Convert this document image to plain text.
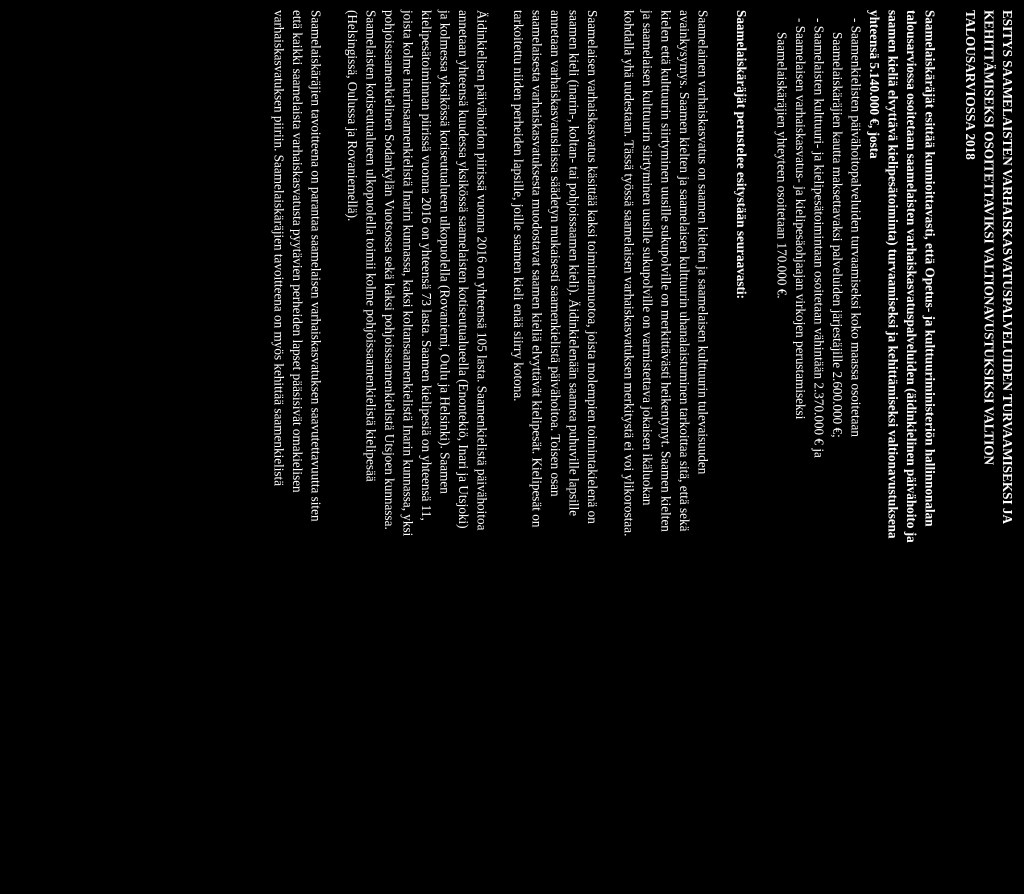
ESITYS SAAMELAISTEN VARHAISKASVATUSPALVELUIDEN TURVAAMISEKSI JA
KEHITTÄMISEKSI OSOITETTAVIKSI VALTIONAVUSTUKSIKSI VALTION
TALOUSARVIOSSA 2018
Saamelaiskäräjät esittää kunnioittavasti, että Opetus- ja kulttuuriministeriön hallinnonalan
talousarviossa osoitetaan saamelaisten varhaiskasvatuspalveluiden (äidinkielinen päivähoito ja
saamen kieliä elvyttävä kielipesätoiminta) turvaamiseksi ja kehittämiseksi valtionavustuksena
yhteensä 5.140.000 €, josta
- Saamenkielisten päivähoitopalveluiden turvaamiseksi koko maassa osoitetaan
Saamelaiskäräjien kautta maksettavaksi palveluiden järjestäjille 2.600.000 €;
- Saamelaisten kulttuuri- ja kielipesätoimintaan osoitetaan vähintään 2.370.000 € ja
- Saamelaisen varhaiskasvatus- ja kielipesäohjaajan virkojen perustamiseksi
Saamelaiskäräjien yhteyteen osoitetaan 170.000 €.
Saamelaiskäräjät perustelee esitystään seuraavasti:
Saamelainen varhaiskasvatus on saamen kielten ja saamelaisen kulttuurin tulevaisuuden
avainkysymys. Saamen kielten ja saamelaisen kulttuurin uhanalaistuminen tarkoittaa sitä, että sekä
kielen että kulttuurin siirtyminen uusille sukupolville on merkittävästi heikentynyt. Saamen kielten
ja saamelaisen kulttuurin siirtyminen uusille sukupolville on varmistettava jokaisen ikäluokan
kohdalla yhä uudestaan. Tässä työssä saamelaisen varhaiskasvatuksen merkitystä ei voi ylikorostaa.
Saamelaisen varhaiskasvatus käsittää kaksi toimintamuotoa, joista molempien toimintakielenä on
saamen kieli (inarin-, koltan- tai pohjoissaamen kieli). Äidinkielenään saamea puhuville lapsille
annetaan varhaiskasvatuslaissa säädetyn mukaisesti saamenkielistä päivähoitoa. Toisen osan
saamelaisesta varhaiskasvatuksesta muodostavat saamen kieliä elvyttävät kielipesät. Kielipesät on
tarkoitettu niiden perheiden lapsille, joille saamen kieli enää siirry kotona.
Äidinkielisen päivähoidon piirissä vuonna 2016 on yhteensä 105 lasta. Saamenkielistä päivähoitoa
annetaan yhteensä kuudessa yksikössä saamelaisten kotiseutualueella (Enontekiö, Inari ja Utsjoki)
ja kolmessa yksikössä kotiseutualueen ulkopuolella (Rovaniemi, Oulu ja Helsinki). Saamen
kielipesätoiminnan piirissä vuonna 2016 on yhteensä 73 lasta. Saamen kielipesiä on yhteensä 11,
joista kolme inarinsaamenkielistä Inarin kunnassa, kaksi koltansaamenkielistä Inarin kunnassa, yksi
pohjoissaamenkielinen Sodankylän Vuotsossa sekä kaksi pohjoissaamenkielistä Utsjoen kunnassa.
Saamelaisten kotiseutualueen ulkopuolella toimii kolme pohjoissaamenkielistä kielipesää
(Helsingissä, Oulussa ja Rovaniemellä).
Saamelaiskäräjien tavoitteena on parantaa saamelaisen varhaiskasvatuksen saavutettavuutta siten
että kaikki saamelaista varhaiskasvatusta pyytävien perheiden lapset pääsisivät omakielisen
varhaiskasvatuksen piiriin. Saamelaiskäräjien tavoitteena on myös kehittää saamenkielistä
